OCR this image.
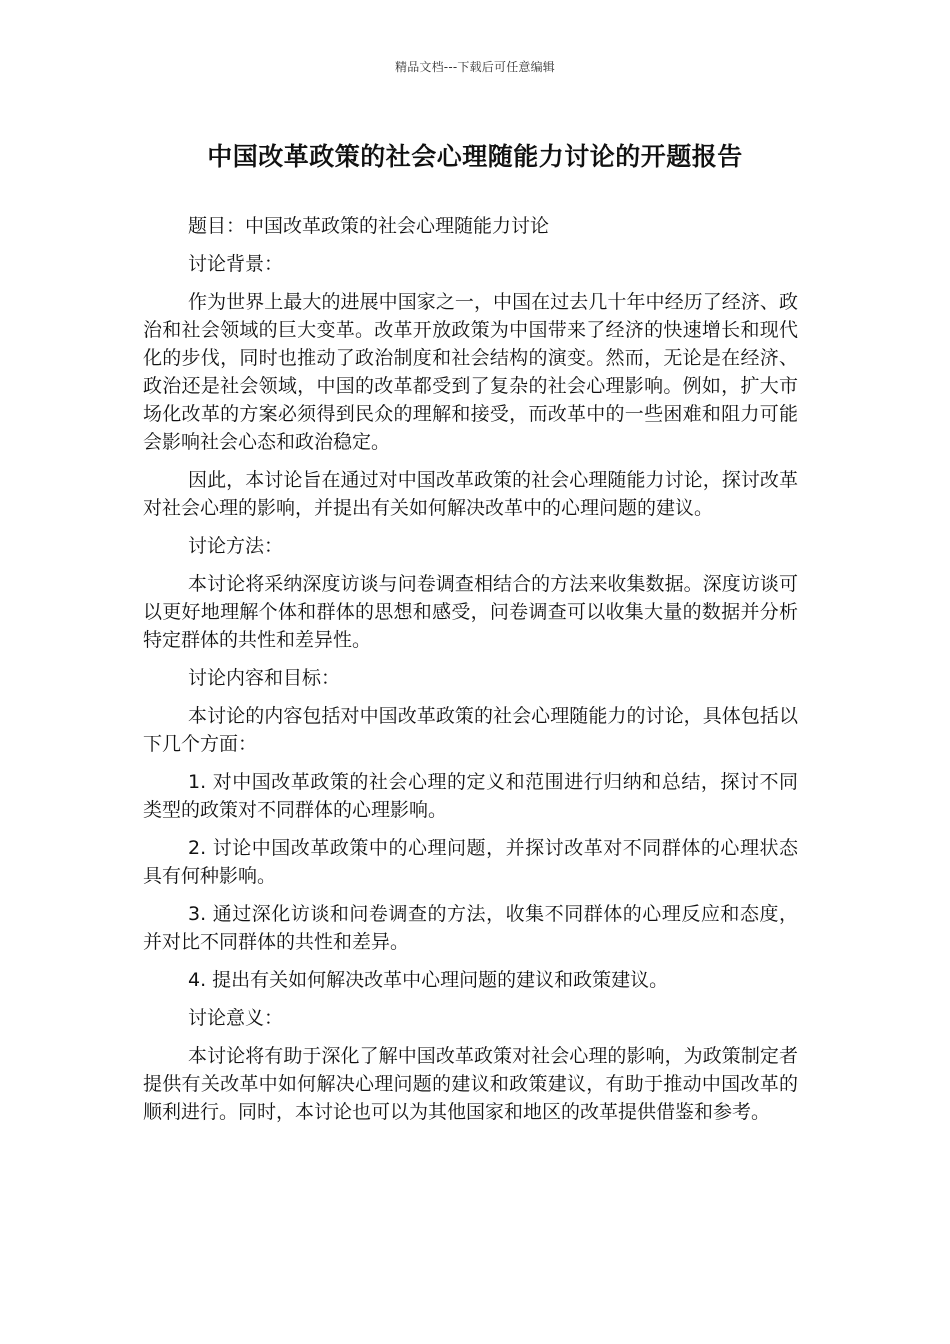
精品文档---下载后可任意编辑
中国改革政策的社会心理随能力讨论的开题报告

题目：中国改革政策的社会心理随能力讨论

讨论背景：

作为世界上最大的进展中国家之一，中国在过去几十年中经历了经济、政治和社会领域的巨大变革。改革开放政策为中国带来了经济的快速增长和现代化的步伐，同时也推动了政治制度和社会结构的演变。然而，无论是在经济、政治还是社会领域，中国的改革都受到了复杂的社会心理影响。例如，扩大市场化改革的方案必须得到民众的理解和接受，而改革中的一些困难和阻力可能会影响社会心态和政治稳定。

因此，本讨论旨在通过对中国改革政策的社会心理随能力讨论，探讨改革对社会心理的影响，并提出有关如何解决改革中的心理问题的建议。

讨论方法：

本讨论将采纳深度访谈与问卷调查相结合的方法来收集数据。深度访谈可以更好地理解个体和群体的思想和感受，问卷调查可以收集大量的数据并分析特定群体的共性和差异性。

讨论内容和目标：

本讨论的内容包括对中国改革政策的社会心理随能力的讨论，具体包括以下几个方面：

1. 对中国改革政策的社会心理的定义和范围进行归纳和总结，探讨不同类型的政策对不同群体的心理影响。

2. 讨论中国改革政策中的心理问题，并探讨改革对不同群体的心理状态具有何种影响。

3. 通过深化访谈和问卷调查的方法，收集不同群体的心理反应和态度，并对比不同群体的共性和差异。

4. 提出有关如何解决改革中心理问题的建议和政策建议。

讨论意义：

本讨论将有助于深化了解中国改革政策对社会心理的影响，为政策制定者提供有关改革中如何解决心理问题的建议和政策建议，有助于推动中国改革的顺利进行。同时，本讨论也可以为其他国家和地区的改革提供借鉴和参考。
